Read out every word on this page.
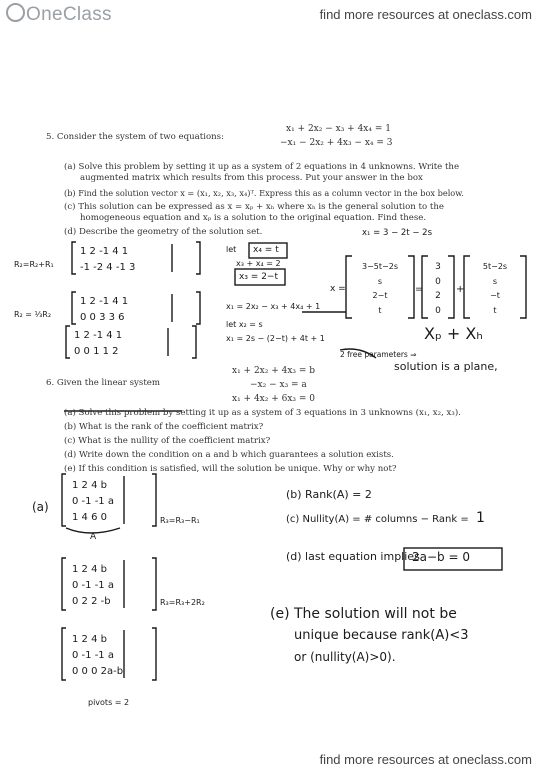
OneClass	find more resources at oneclass.com
5. Consider the system of two equations:
x₁ + 2x₂ − x₃ + 4x₄ = 1
−x₁ − 2x₂ + 4x₃ − x₄ = 3
(a) Solve this problem by setting it up as a system of 2 equations in 4 unknowns. Write the
augmented matrix which results from this process. Put your answer in the box
(b) Find the solution vector x = (x₁, x₂, x₃, x₄)ᵀ. Express this as a column vector in the box below.
(c) This solution can be expressed as x = xₚ + xₕ where xₕ is the general solution to the
homogeneous equation and xₚ is a solution to the original equation. Find these.
(d) Describe the geometry of the solution set.
1 2 -1 4 1
-1 -2 4 -1 3
1 2 -1 4 1
0 0 3 3 6
1 2 -1 4 1
0 0 1 1 2
1 2 4 b
0 -1 -1 a
1 4 6 0
1 2 4 b
0 -1 -1 a
0 2 2 -b
1 2 4 b
0 -1 -1 a
0 0 0 2a-b
R₂=R₂+R₁
R₂ = ⅓R₂
let x₄ = t
x₃ + x₄ = 2
x₃ = 2−t
x₁ = 2x₂ − x₃ + 4x₄ + 1
let x₂ = s
x₁ = 2s − (2−t) + 4t + 1
x₁ = 3 − 2t − 2s
x =
3−5t−2s
s
2−t
t
=
3
0
2
0
+
5t−2s
s
−t
t
Xₚ + Xₕ
2 free parameters ⇒
solution is a plane,
6. Given the linear system
x₁ + 2x₂ + 4x₃ = b
−x₂ − x₃ = a
x₁ + 4x₂ + 6x₃ = 0
(a) Solve this problem by setting it up as a system of 3 equations in 3 unknowns (x₁, x₂, x₃).
(b) What is the rank of the coefficient matrix?
(c) What is the nullity of the coefficient matrix?
(d) Write down the condition on a and b which guarantees a solution exists.
(e) If this condition is satisfied, will the solution be unique. Why or why not?
(a)
A
R₃=R₃−R₁
R₃=R₃+2R₂
pivots = 2
(b) Rank(A) = 2
(c) Nullity(A) = # columns − Rank = 1
(d) last equation implies
2a−b = 0
(e) The solution will not be
unique because rank(A)<3
or (nullity(A)>0).
find more resources at oneclass.com
